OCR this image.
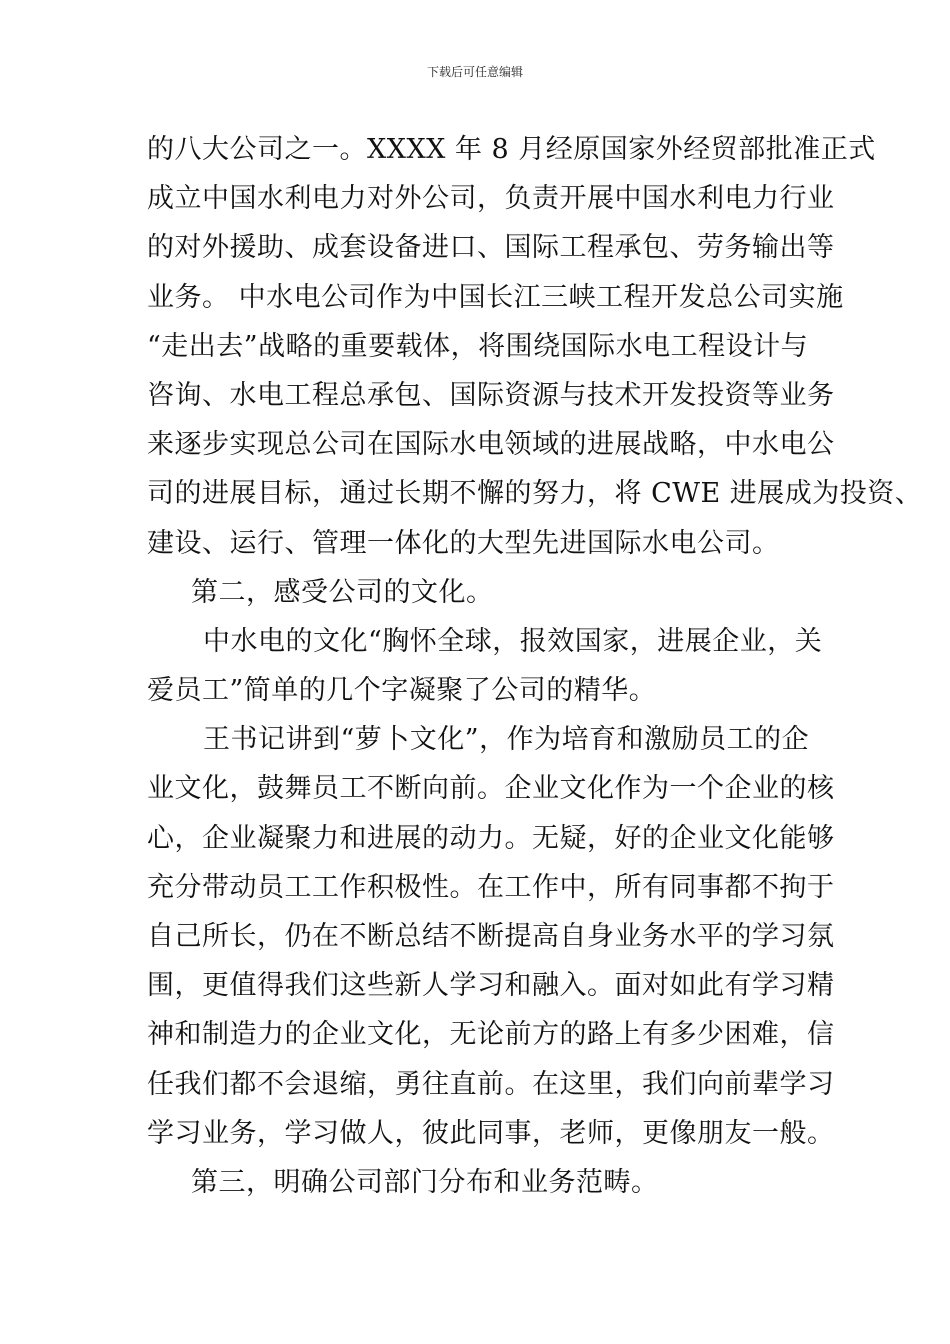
下载后可任意编辑
的八大公司之一。XXXX 年 8 月经原国家外经贸部批准正式
成立中国水利电力对外公司，负责开展中国水利电力行业
的对外援助、成套设备进口、国际工程承包、劳务输出等
业务。 中水电公司作为中国长江三峡工程开发总公司实施
“走出去”战略的重要载体，将围绕国际水电工程设计与
咨询、水电工程总承包、国际资源与技术开发投资等业务
来逐步实现总公司在国际水电领域的进展战略，中水电公
司的进展目标，通过长期不懈的努力，将 CWE 进展成为投资、
建设、运行、管理一体化的大型先进国际水电公司。
第二，感受公司的文化。
中水电的文化“胸怀全球，报效国家，进展企业，关
爱员工”简单的几个字凝聚了公司的精华。
王书记讲到“萝卜文化”，作为培育和激励员工的企
业文化，鼓舞员工不断向前。企业文化作为一个企业的核
心，企业凝聚力和进展的动力。无疑，好的企业文化能够
充分带动员工工作积极性。在工作中，所有同事都不拘于
自己所长，仍在不断总结不断提高自身业务水平的学习氛
围，更值得我们这些新人学习和融入。面对如此有学习精
神和制造力的企业文化，无论前方的路上有多少困难，信
任我们都不会退缩，勇往直前。在这里，我们向前辈学习
学习业务，学习做人，彼此同事，老师，更像朋友一般。
第三，明确公司部门分布和业务范畴。
